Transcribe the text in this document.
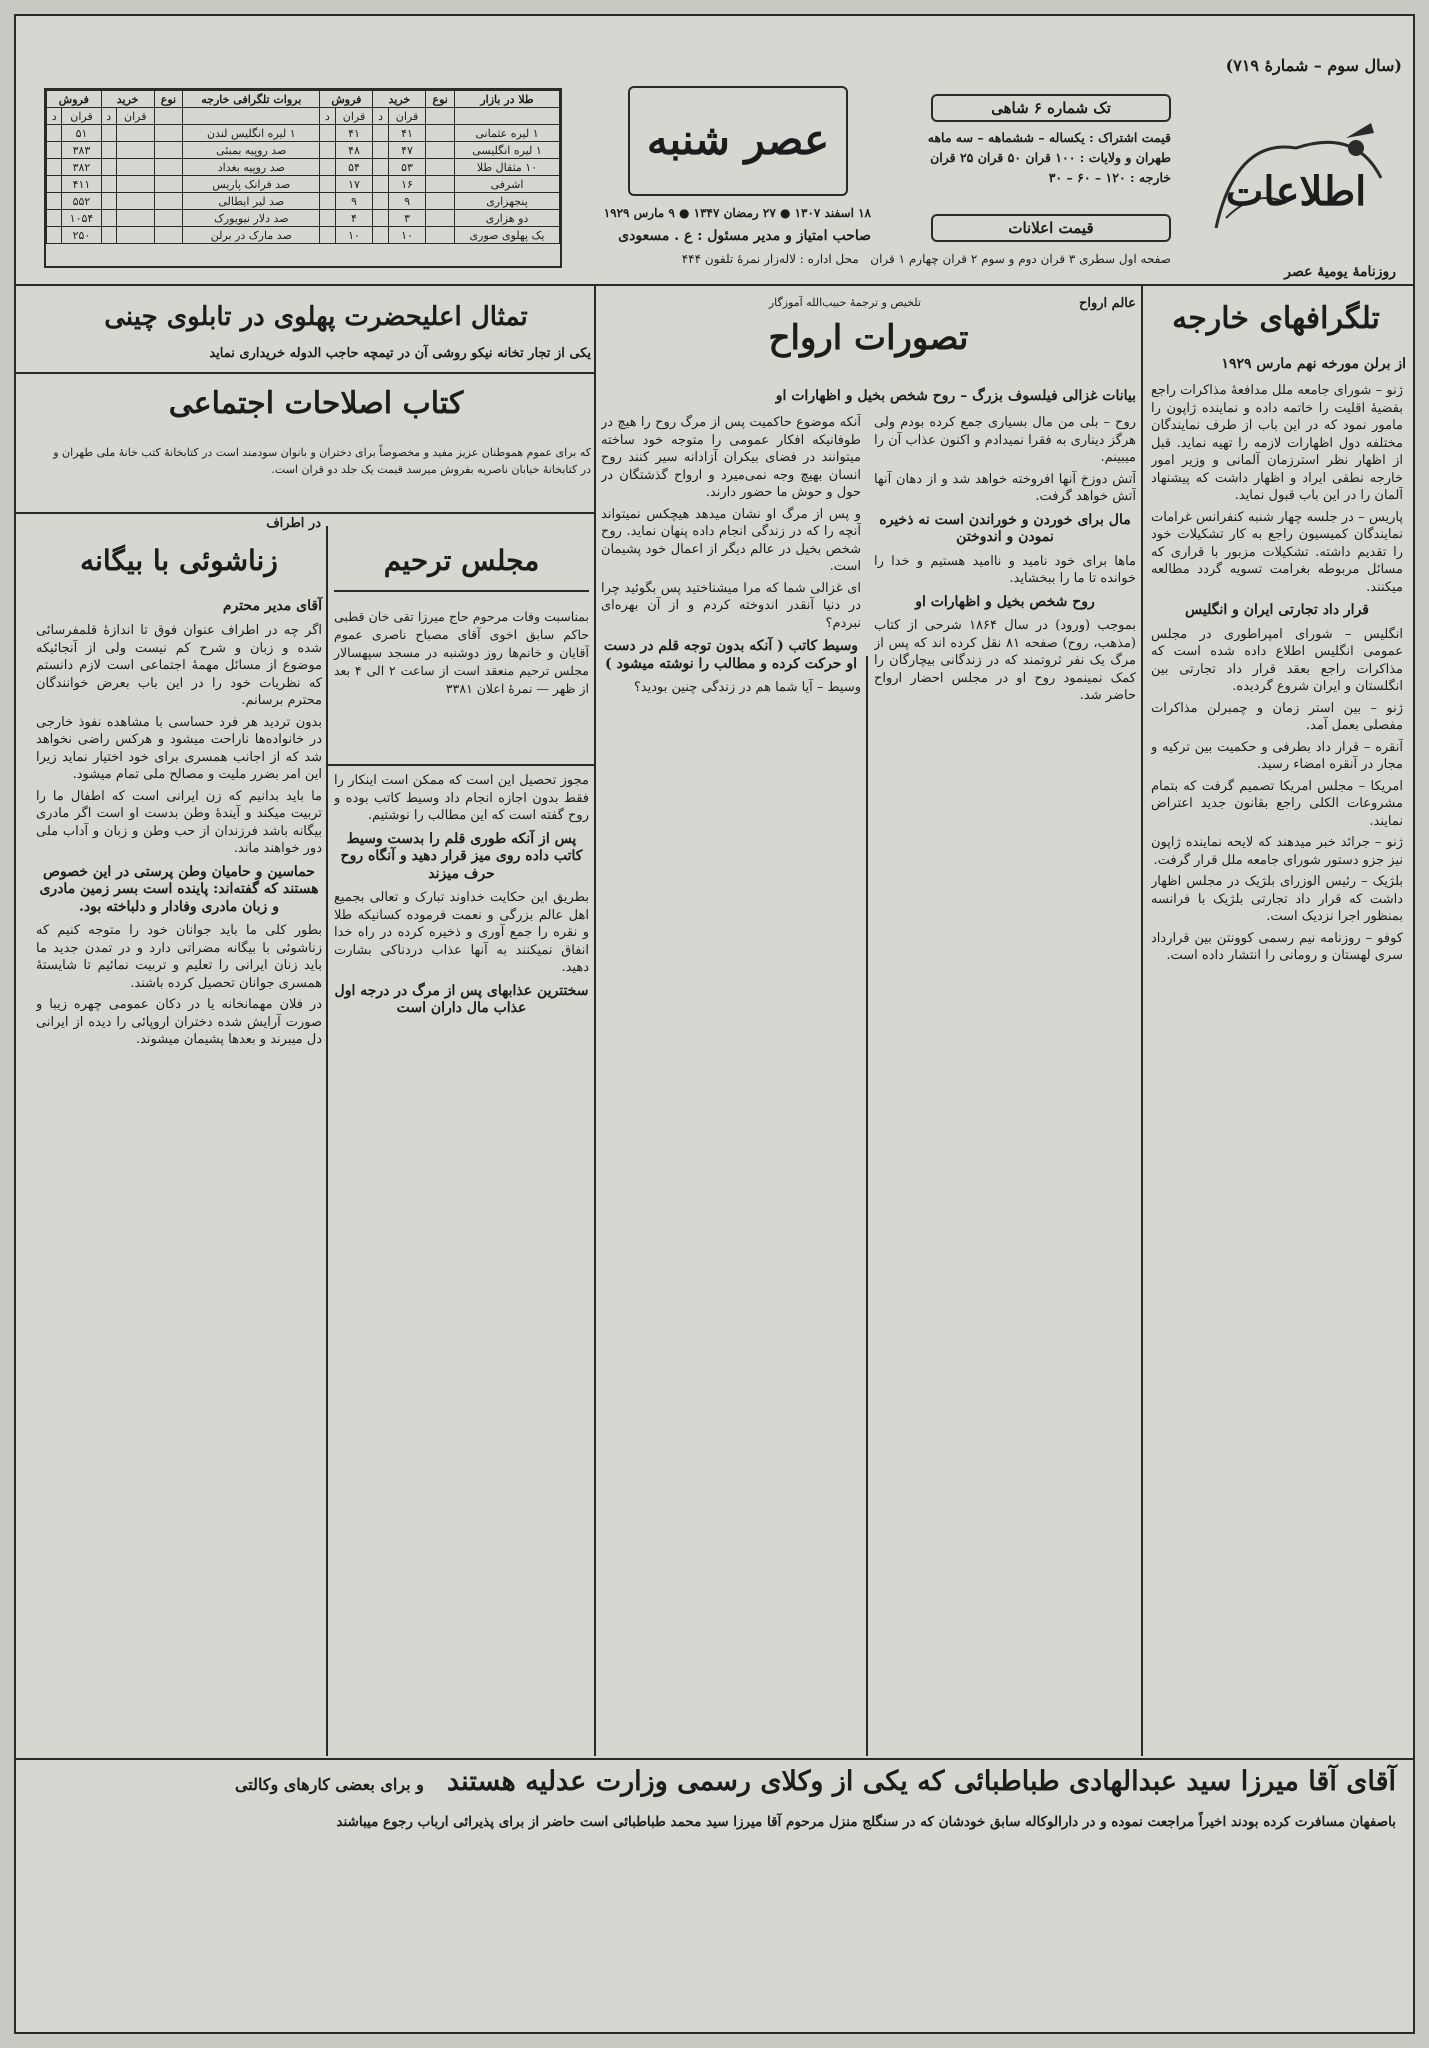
(سال سوم – شمارهٔ ۷۱۹)
اطلاعات
روزنامهٔ یومیهٔ عصر
تک شماره ۶ شاهی
قیمت اشتراک : یکساله – ششماهه – سه ماهه
طهران و ولایات : ۱۰۰ قران ۵۰ قران ۲۵ قران
خارجه : ۱۲۰ – ۶۰ – ۳۰
قیمت اعلانات
عصر شنبه
۱۸ اسفند ۱۳۰۷ ● ۲۷ رمضان ۱۳۴۷ ● ۹ مارس ۱۹۲۹
صاحب امتیاز و مدیر مسئول : ع . مسعودی
صفحه اول سطری ۳ قران دوم و سوم ۲ قران چهارم ۱ قران   محل اداره : لاله‌زار نمرهٔ تلفون ۴۴۴
طلا در بازار	نوع	خرید		فروش		بروات تلگرافی خارجه	نوع	خرید		فروش	
		قران	د	قران	د			قران	د	قران	د
۱ لیره عثمانی		۴۱		۴۱		۱ لیره انگلیس لندن				۵۱	
۱ لیره انگلیسی		۴۷		۴۸		صد روپیه بمبئی				۳۸۳	
۱۰ مثقال طلا		۵۳		۵۴		صد روپیه بغداد				۳۸۲	
اشرفی		۱۶		۱۷		صد فرانک پاریس				۴۱۱	
پنجهزاری		۹		۹		صد لیر ایطالی				۵۵۲	
دو هزاری		۳		۴		صد دلار نیویورک				۱۰۵۴	
یک پهلوی صوری		۱۰		۱۰		صد مارک در برلن				۲۵۰	
تلگرافهای خارجه
از برلن مورخه نهم مارس ۱۹۲۹

ژنو – شورای جامعه ملل مدافعهٔ مذاکرات راجع بقضیهٔ اقلیت را خاتمه داده و نماینده ژاپون را مامور نمود که در این باب از طرف نمایندگان مختلفه دول اظهارات لازمه را تهیه نماید. قبل از اظهار نظر استرزمان آلمانی و وزیر امور خارجه نطقی ایراد و اظهار داشت که پیشنهاد آلمان را در این باب قبول نماید.

پاریس – در جلسه چهار شنبه کنفرانس غرامات نمایندگان کمیسیون راجع به کار تشکیلات خود را تقدیم داشته. تشکیلات مزبور با قراری که مسائل مربوطه بغرامت تسویه گردد مطالعه میکنند.

قرار داد تجارتی ایران و انگلیس

انگلیس – شورای امپراطوری در مجلس عمومی انگلیس اطلاع داده شده است که مذاکرات راجع بعقد قرار داد تجارتی بین انگلستان و ایران شروع گردیده.

ژنو – بین استر زمان و چمبرلن مذاکرات مفصلی بعمل آمد.

آنقره – قرار داد بطرفی و حکمیت بین ترکیه و مجار در آنقره امضاء رسید.

امریکا – مجلس امریکا تصمیم گرفت که بتمام مشروعات الکلی راجع بقانون جدید اعتراض نمایند.

ژنو – جرائد خبر میدهند که لایحه نماینده ژاپون نیز جزو دستور شورای جامعه ملل قرار گرفت.

بلژیک – رئیس الوزرای بلژیک در مجلس اظهار داشت که قرار داد تجارتی بلژیک با فرانسه بمنظور اجرا نزدیک است.

کوفو – روزنامه نیم رسمی کوونتن بین قرارداد سری لهستان و رومانی را انتشار داده است.

عالم ارواح
تلخیص و ترجمهٔ حبیب‌الله آموزگار
تصورات ارواح
بیانات غزالی فیلسوف بزرگ – روح شخص بخیل و اظهارات او

روح – بلی من مال بسیاری جمع کرده بودم ولی هرگز دیناری به فقرا نمیدادم و اکنون عذاب آن را میبینم.

آتش دوزخ آنها افروخته خواهد شد و از دهان آنها آتش خواهد گرفت.

مال برای خوردن و خوراندن است نه ذخیره نمودن و اندوختن

ماها برای خود نامید و ناامید هستیم و خدا را خوانده تا ما را ببخشاید.

روح شخص بخیل و اظهارات او

بموجب (ورود) در سال ۱۸۶۴ شرحی از کتاب (مذهب، روح) صفحه ۸۱ نقل کرده اند که پس از مرگ یک نفر ثروتمند که در زندگانی بیچارگان را کمک نمینمود روح او در مجلس احضار ارواح حاضر شد.

آنکه موضوع حاکمیت پس از مرگ روح را هیچ در طوفانیکه افکار عمومی را متوجه خود ساخته میتوانند در فضای بیکران آزادانه سیر کنند روح انسان بهیچ وجه نمی‌میرد و ارواح گذشتگان در حول و حوش ما حضور دارند.

و پس از مرگ او نشان میدهد هیچکس نمیتواند آنچه را که در زندگی انجام داده پنهان نماید. روح شخص بخیل در عالم دیگر از اعمال خود پشیمان است.

ای غزالی شما که مرا میشناختید پس بگوئید چرا در دنیا آنقدر اندوخته کردم و از آن بهره‌ای نبردم؟

وسیط کاتب ( آنکه بدون توجه قلم در دست او حرکت کرده و مطالب را نوشته میشود )

وسیط – آیا شما هم در زندگی چنین بودید؟

تمثال اعلیحضرت پهلوی در تابلوی چینی
یکی از تجار تخانه نیکو روشی آن در تیمچه حاجب الدوله خریداری نماید
کتاب اصلاحات اجتماعی
که برای عموم هموطنان عزیز مفید و مخصوصاً برای دختران و بانوان سودمند است در کتابخانهٔ کتب خانهٔ ملی طهران و در کتابخانهٔ خیابان ناصریه بفروش میرسد قیمت یک جلد دو قران است.
در اطراف
زناشوئی با بیگانه
آقای مدیر محترم

اگر چه در اطراف عنوان فوق تا اندازهٔ قلمفرسائی شده و زبان و شرح کم نیست ولی از آنجائیکه موضوع از مسائل مهمهٔ اجتماعی است لازم دانستم که نظریات خود را در این باب بعرض خوانندگان محترم برسانم.

بدون تردید هر فرد حساسی با مشاهده نفوذ خارجی در خانواده‌ها ناراحت میشود و هرکس راضی نخواهد شد که از اجانب همسری برای خود اختیار نماید زیرا این امر بضرر ملیت و مصالح ملی تمام میشود.

ما باید بدانیم که زن ایرانی است که اطفال ما را تربیت میکند و آیندهٔ وطن بدست او است اگر مادری بیگانه باشد فرزندان از حب وطن و زبان و آداب ملی دور خواهند ماند.

حماسین و حامیان وطن پرستی در این خصوص هستند که گفته‌اند: پاینده است بسر زمین مادری و زبان مادری وفادار و دلباخته بود.

بطور کلی ما باید جوانان خود را متوجه کنیم که زناشوئی با بیگانه مضراتی دارد و در تمدن جدید ما باید زنان ایرانی را تعلیم و تربیت نمائیم تا شایستهٔ همسری جوانان تحصیل کرده باشند.

در فلان مهمانخانه یا در دکان عمومی چهره زیبا و صورت آرایش شده دختران اروپائی را دیده از ایرانی دل میبرند و بعدها پشیمان میشوند.

مجلس ترحیم
بمناسبت وفات مرحوم حاج میرزا تقی خان قطبی حاکم سابق اخوی آقای مصباح ناصری عموم آقایان و خانم‌ها روز دوشنبه در مسجد سپهسالار مجلس ترحیم منعقد است از ساعت ۲ الی ۴ بعد از ظهر — نمرهٔ اعلان ۳۳۸۱

مجوز تحصیل این است که ممکن است اینکار را فقط بدون اجازه انجام داد وسیط کاتب بوده و روح گفته است که این مطالب را نوشتیم.

پس از آنکه طوری قلم را بدست وسیط کاتب داده روی میز قرار دهید و آنگاه روح حرف میزند

بطریق این حکایت خداوند تبارک و تعالی بجمیع اهل عالم بزرگی و نعمت فرموده کسانیکه طلا و نقره را جمع آوری و ذخیره کرده در راه خدا انفاق نمیکنند به آنها عذاب دردناکی بشارت دهید.

سختترین عذابهای پس از مرگ در درجه اول عذاب مال داران است

آقای آقا میرزا سید عبدالهادی طباطبائی که یکی از وکلای رسمی وزارت عدلیه هستند و برای بعضی کارهای وکالتی
باصفهان مسافرت کرده بودند اخیراً مراجعت نموده و در دارالوکاله سابق خودشان که در سنگلج منزل مرحوم آقا میرزا سید محمد طباطبائی است حاضر از برای پذیرائی ارباب رجوع میباشند
